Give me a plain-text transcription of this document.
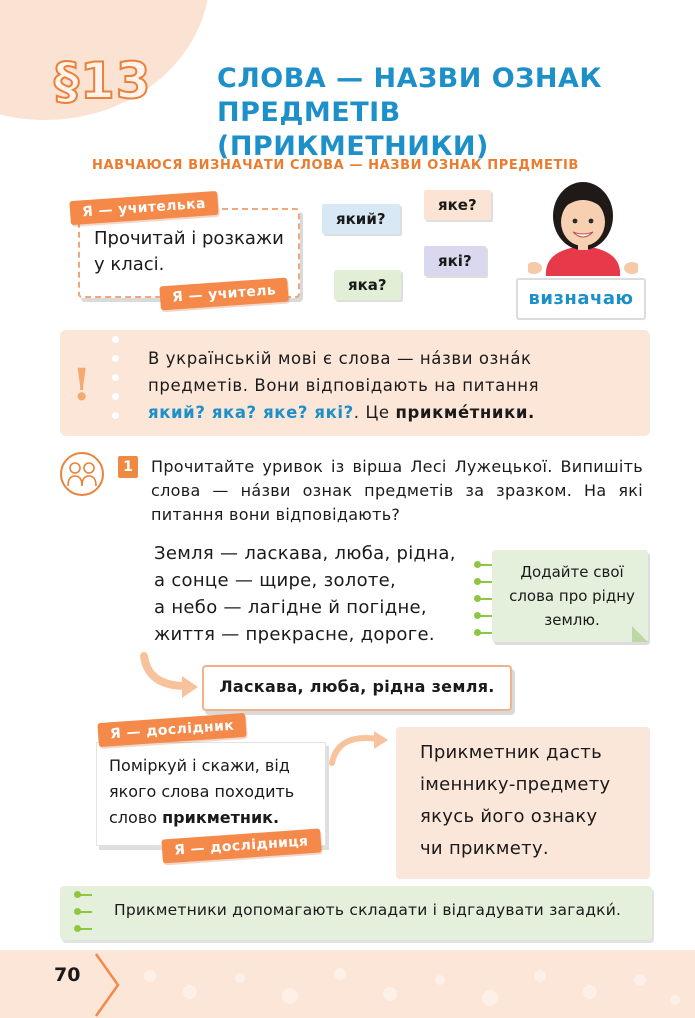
§13 СЛОВА — НАЗВИ ОЗНАК
ПРЕДМЕТІВ (ПРИКМЕТНИКИ)
НАВЧАЮСЯ ВИЗНАЧАТИ СЛОВА — НАЗВИ ОЗНАК ПРЕДМЕТІВ
Прочитай і розкажи
у класі.
Я — учителька
Я — учитель
який?
яке?
які?
яка?
визначаю
!
В українській мові є слова — нáзви ознáк
предметів. Вони відповідають на питання
який? яка? яке? які?. Це прикмéтники.
1	Прочитайте уривок із вірша Лесі Лужецької. Випишіть слова — нáзви ознак предметів за зразком. На які питання вони відповідають?
Земля — ласкава, люба, рідна,
а сонце — щире, золоте,
а небо — лагідне й погідне,
життя — прекрасне, дороге.
Додайте свої слова про рідну землю.
Ласкава, люба, рідна земля.
Поміркуй і скажи, від якого слова походить слово прикметник.
Я — дослідник
Я — дослідниця
Прикметник дасть
іменнику-предмету
якусь його ознаку
чи прикмету.
Прикметники допомагають складати і відгадувати загадки́.
70
